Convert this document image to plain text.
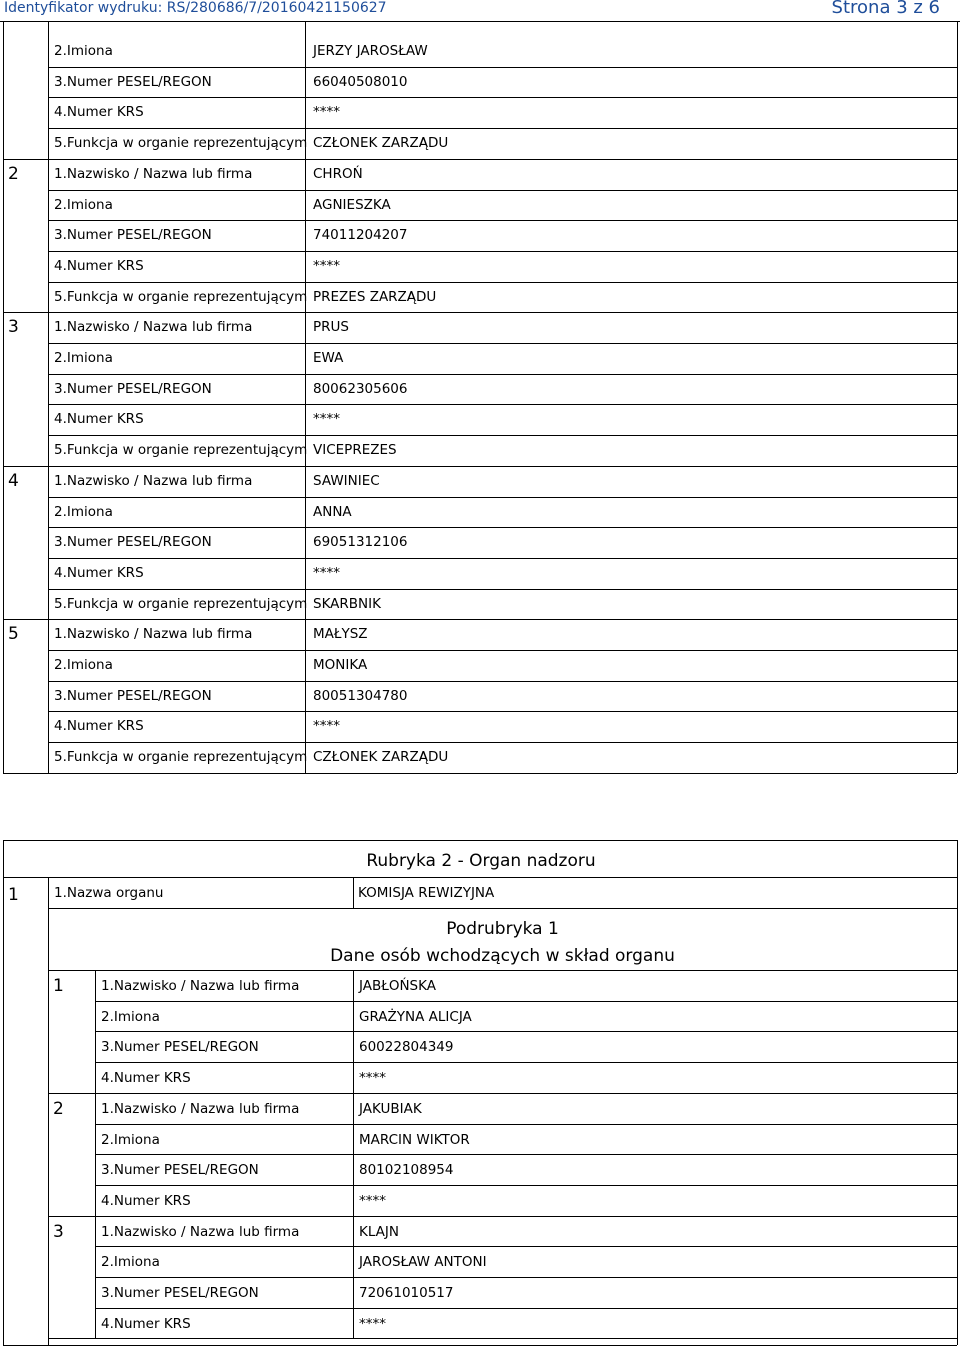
Identyfikator wydruku: RS/280686/7/20160421150627	Strona 3 z 6
2.Imiona	JERZY JAROSŁAW
3.Numer PESEL/REGON	66040508010
4.Numer KRS	****
5.Funkcja w organie reprezentującym CZŁONEK ZARZĄDU
2	1.Nazwisko / Nazwa lub firma	CHROŃ
2.Imiona	AGNIESZKA
3.Numer PESEL/REGON	74011204207
4.Numer KRS	****
5.Funkcja w organie reprezentującym PREZES ZARZĄDU
3	1.Nazwisko / Nazwa lub firma	PRUS
2.Imiona	EWA
3.Numer PESEL/REGON	80062305606
4.Numer KRS	****
5.Funkcja w organie reprezentującym VICEPREZES
4	1.Nazwisko / Nazwa lub firma	SAWINIEC
2.Imiona	ANNA
3.Numer PESEL/REGON	69051312106
4.Numer KRS	****
5.Funkcja w organie reprezentującym SKARBNIK
5	1.Nazwisko / Nazwa lub firma	MAŁYSZ
2.Imiona	MONIKA
3.Numer PESEL/REGON	80051304780
4.Numer KRS	****
5.Funkcja w organie reprezentującym CZŁONEK ZARZĄDU
Rubryka 2 - Organ nadzoru
1	1.Nazwa organu	KOMISJA REWIZYJNA
Podrubryka 1
Dane osób wchodzących w skład organu
1	1.Nazwisko / Nazwa lub firma	JABŁOŃSKA
2.Imiona	GRAŻYNA ALICJA
3.Numer PESEL/REGON	60022804349
4.Numer KRS	****
2	1.Nazwisko / Nazwa lub firma	JAKUBIAK
2.Imiona	MARCIN WIKTOR
3.Numer PESEL/REGON	80102108954
4.Numer KRS	****
3	1.Nazwisko / Nazwa lub firma	KLAJN
2.Imiona	JAROSŁAW ANTONI
3.Numer PESEL/REGON	72061010517
4.Numer KRS	****
